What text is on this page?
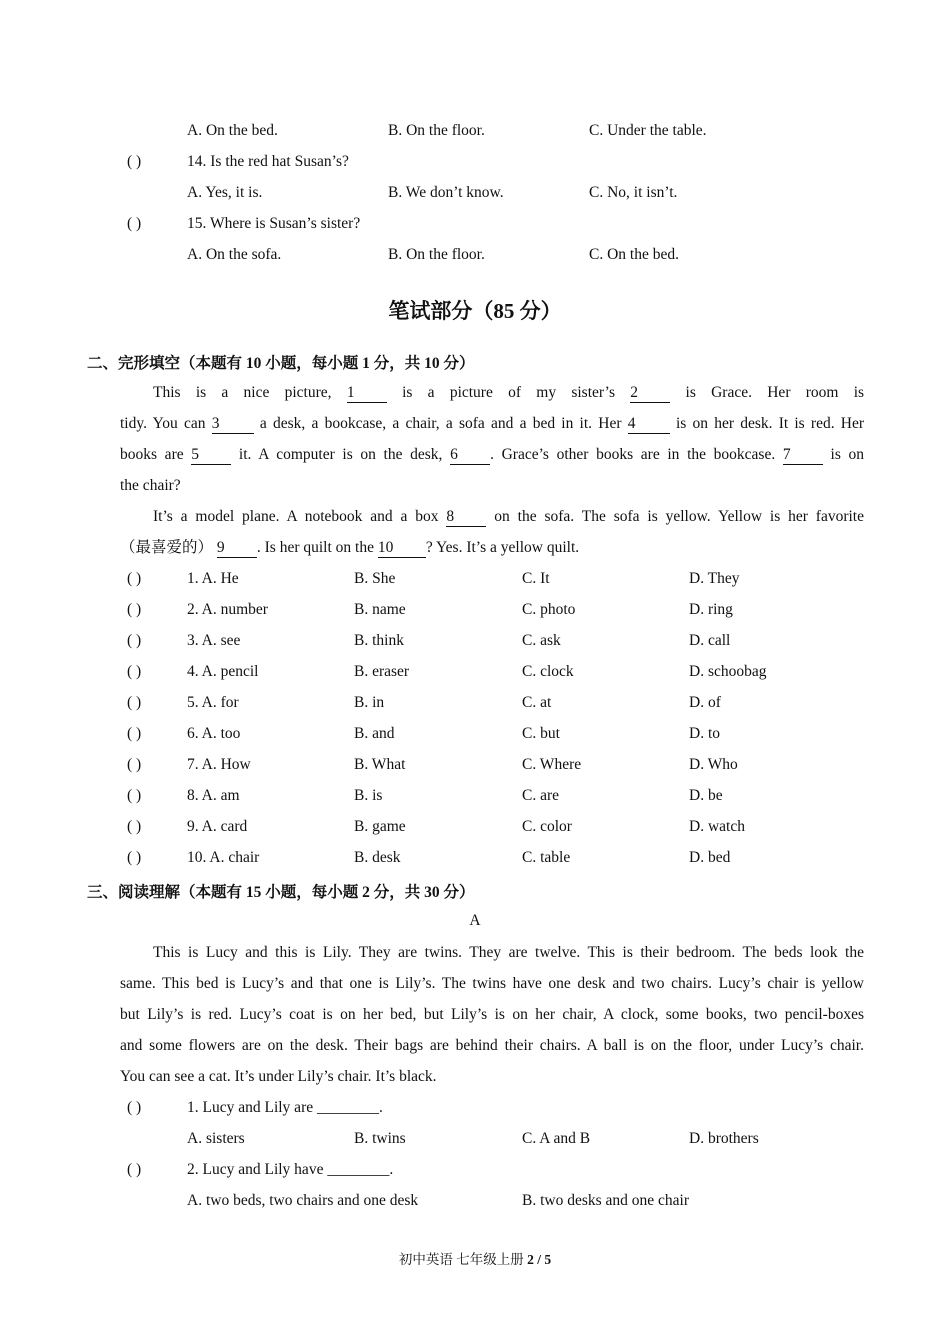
A. On the bed.	B. On the floor.	C. Under the table.
( )	14. Is the red hat Susan’s?
A. Yes, it is.	B. We don’t know.	C. No, it isn’t.
( )	15. Where is Susan’s sister?
A. On the sofa.	B. On the floor.	C. On the bed.
笔试部分（85 分）
二、完形填空（本题有 10 小题，每小题 1 分，共 10 分）
This is a nice picture, 1	is a picture of my sister’s 2	is Grace. Her room is
tidy. You can 3	a desk, a bookcase, a chair, a sofa and a bed in it. Her 4	is on her desk. It is red. Her
books are 5	it. A computer is on the desk, 6 . Grace’s other books are in the bookcase. 7	is on
the chair?
It’s a model plane. A notebook and a box 8	on the sofa. The sofa is yellow. Yellow is her favorite
（最喜爱的） 9 . Is her quilt on the 10 ? Yes. It’s a yellow quilt.
( )	1. A. He	B. She	C. It	D. They
( )	2. A. number	B. name	C. photo	D. ring
( )	3. A. see	B. think	C. ask	D. call
( )	4. A. pencil	B. eraser	C. clock	D. schoobag
( )	5. A. for	B. in	C. at	D. of
( )	6. A. too	B. and	C. but	D. to
( )	7. A. How	B. What	C. Where	D. Who
( )	8. A. am	B. is	C. are	D. be
( )	9. A. card	B. game	C. color	D. watch
( )	10. A. chair	B. desk	C. table	D. bed
三、阅读理解（本题有 15 小题，每小题 2 分，共 30 分）
A
This is Lucy and this is Lily. They are twins. They are twelve. This is their bedroom. The beds look the
same. This bed is Lucy’s and that one is Lily’s. The twins have one desk and two chairs. Lucy’s chair is yellow
but Lily’s is red. Lucy’s coat is on her bed, but Lily’s is on her chair, A clock, some books, two pencil-boxes
and some flowers are on the desk. Their bags are behind their chairs. A ball is on the floor, under Lucy’s chair.
You can see a cat. It’s under Lily’s chair. It’s black.
( )	1. Lucy and Lily are ________.
A. sisters	B. twins	C. A and B	D. brothers
( )	2. Lucy and Lily have ________.
A. two beds, two chairs and one desk	B. two desks and one chair
初中英语 七年级上册 2 / 5
